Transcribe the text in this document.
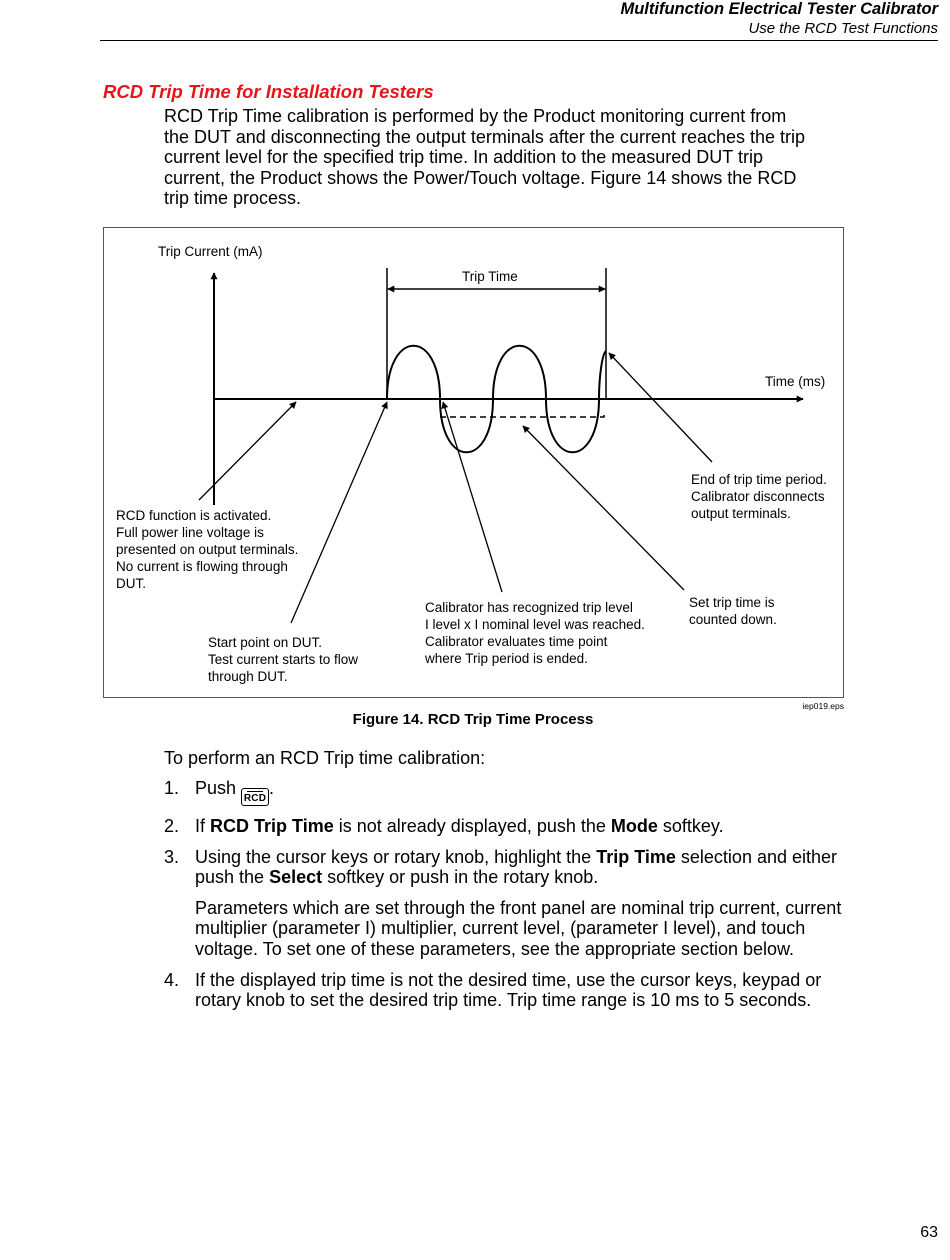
Multifunction Electrical Tester Calibrator
Use the RCD Test Functions
RCD Trip Time for Installation Testers

RCD Trip Time calibration is performed by the Product monitoring current from
the DUT and disconnecting the output terminals after the current reaches the trip
current level for the specified trip time. In addition to the measured DUT trip
current, the Product shows the Power/Touch voltage. Figure 14 shows the RCD
trip time process.

Trip Current (mA)
Time (ms)
Trip Time
RCD function is activated. Full power line voltage is presented on output terminals. No current is flowing through DUT.
Start point on DUT. Test current starts to flow through DUT.
Calibrator has recognized trip level I level x I nominal level was reached. Calibrator evaluates time point where Trip period is ended.
End of trip time period. Calibrator disconnects output terminals.
Set trip time is counted down.
iep019.eps
Figure 14. RCD Trip Time Process
To perform an RCD Trip time calibration:
1. Push RCD.

2. If RCD Trip Time is not already displayed, push the Mode softkey.

3. Using the cursor keys or rotary knob, highlight the Trip Time selection and either push the Select softkey or push in the rotary knob.

Parameters which are set through the front panel are nominal trip current, current multiplier (parameter I) multiplier, current level, (parameter I level), and touch voltage. To set one of these parameters, see the appropriate section below.

4. If the displayed trip time is not the desired time, use the cursor keys, keypad or rotary knob to set the desired trip time. Trip time range is 10 ms to 5 seconds.

63
